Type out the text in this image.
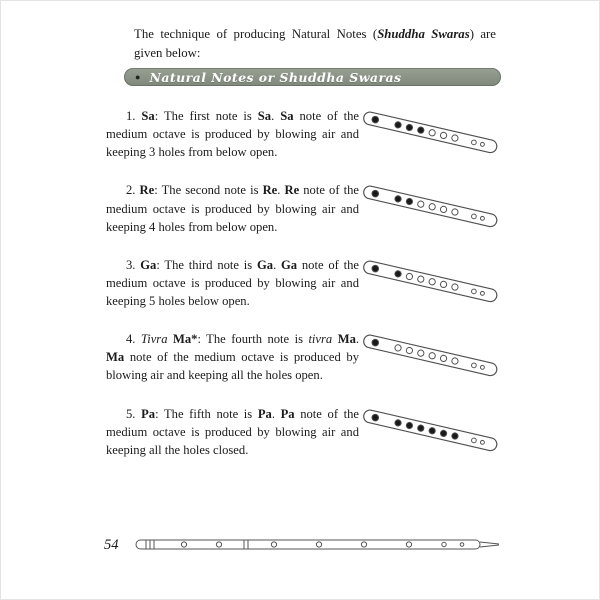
The technique of producing Natural Notes (Shuddha Swaras) are given below:

● Natural Notes or Shuddha Swaras

1. Sa: The first note is Sa. Sa note of the medium octave is produced by blowing air and keeping 3 holes from below open.

2. Re: The second note is Re. Re note of the medium octave is produced by blowing air and keeping 4 holes from below open.

3. Ga: The third note is Ga. Ga note of the medium octave is produced by blowing air and keeping 5 holes below open.

4. Tivra Ma*: The fourth note is tivra Ma. Ma note of the medium octave is produced by blowing air and keeping all the holes open.

5. Pa: The fifth note is Pa. Pa note of the medium octave is produced by blowing air and keeping all the holes closed.

54
